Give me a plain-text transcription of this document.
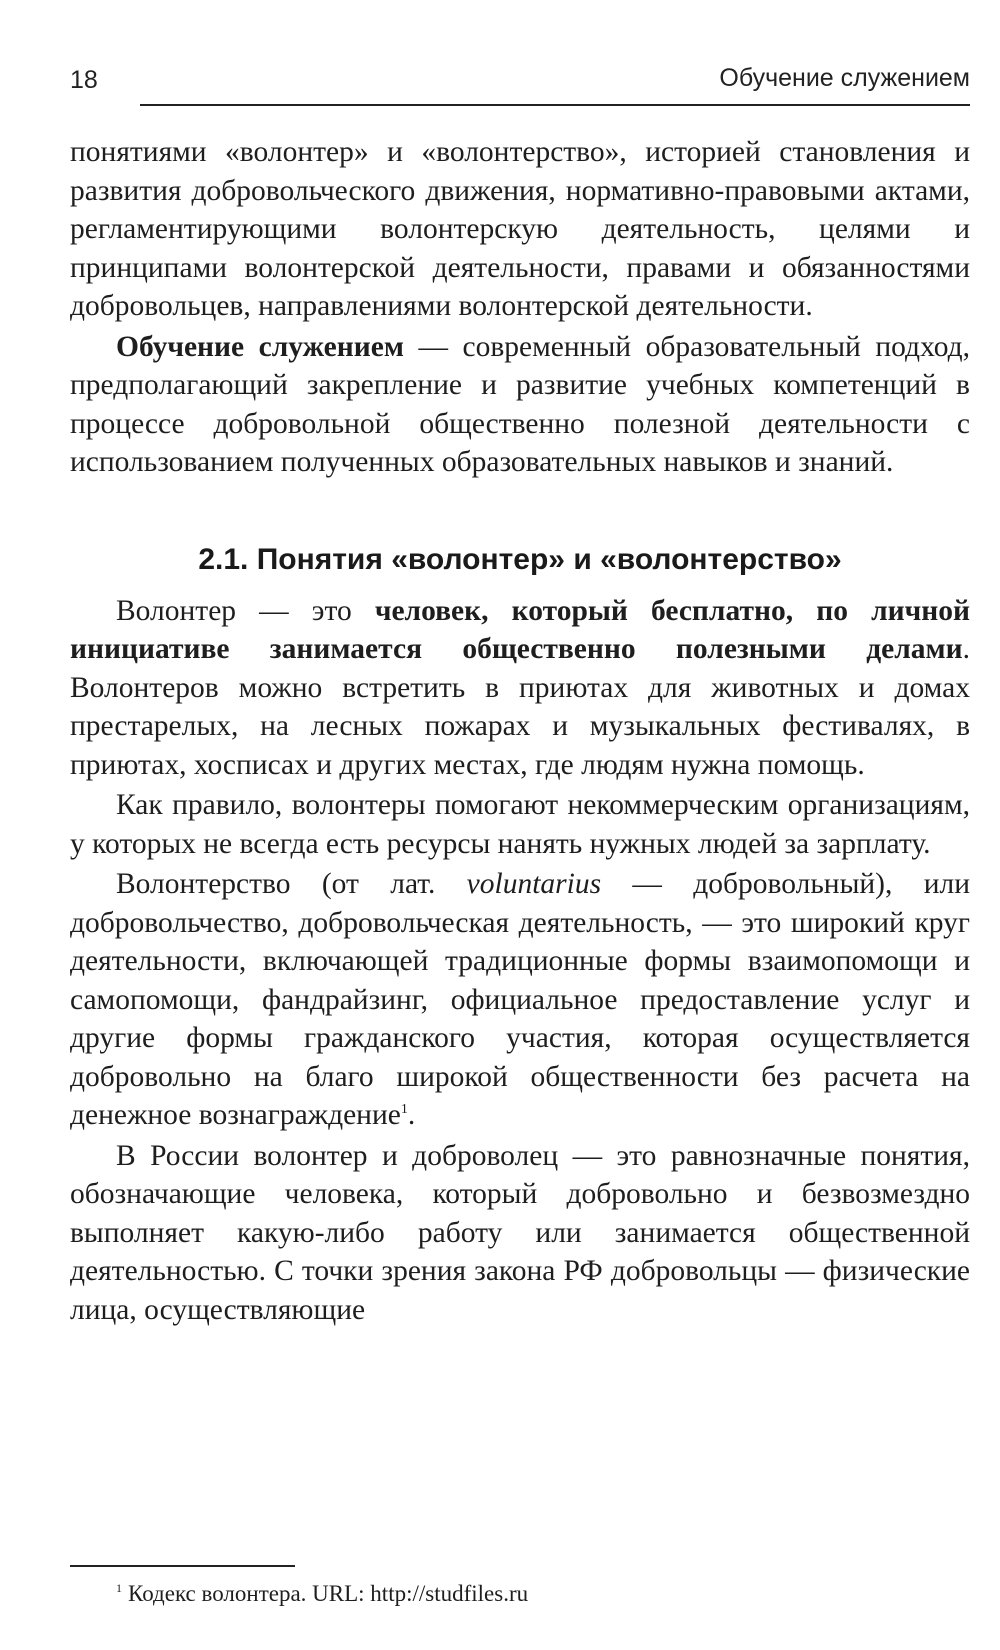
18	Обучение служением

понятиями «волонтер» и «волонтерство», историей становления и развития добровольческого движения, нормативно-правовыми актами, регламентирующими волонтерскую деятельность, целями и принципами волонтерской деятельности, правами и обязанностями добровольцев, направлениями волонтерской деятельности.

Обучение служением — современный образовательный подход, предполагающий закрепление и развитие учебных компетенций в процессе добровольной общественно полезной деятельности с использованием полученных образовательных навыков и знаний.

2.1. Понятия «волонтер» и «волонтерство»

Волонтер — это человек, который бесплатно, по личной инициативе занимается общественно полезными делами. Волонтеров можно встретить в приютах для животных и домах престарелых, на лесных пожарах и музыкальных фестивалях, в приютах, хосписах и других местах, где людям нужна помощь.

Как правило, волонтеры помогают некоммерческим организациям, у которых не всегда есть ресурсы нанять нужных людей за зарплату.

Волонтерство (от лат. voluntarius — добровольный), или добровольчество, добровольческая деятельность, — это широкий круг деятельности, включающей традиционные формы взаимопомощи и самопомощи, фандрайзинг, официальное предоставление услуг и другие формы гражданского участия, которая осуществляется добровольно на благо широкой общественности без расчета на денежное вознаграждение$^1$.

В России волонтер и доброволец — это равнозначные понятия, обозначающие человека, который добровольно и безвозмездно выполняет какую-либо работу или занимается общественной деятельностью. С точки зрения закона РФ добровольцы — физические лица, осуществляющие

$^1$ Кодекс волонтера. URL: http://studfiles.ru
